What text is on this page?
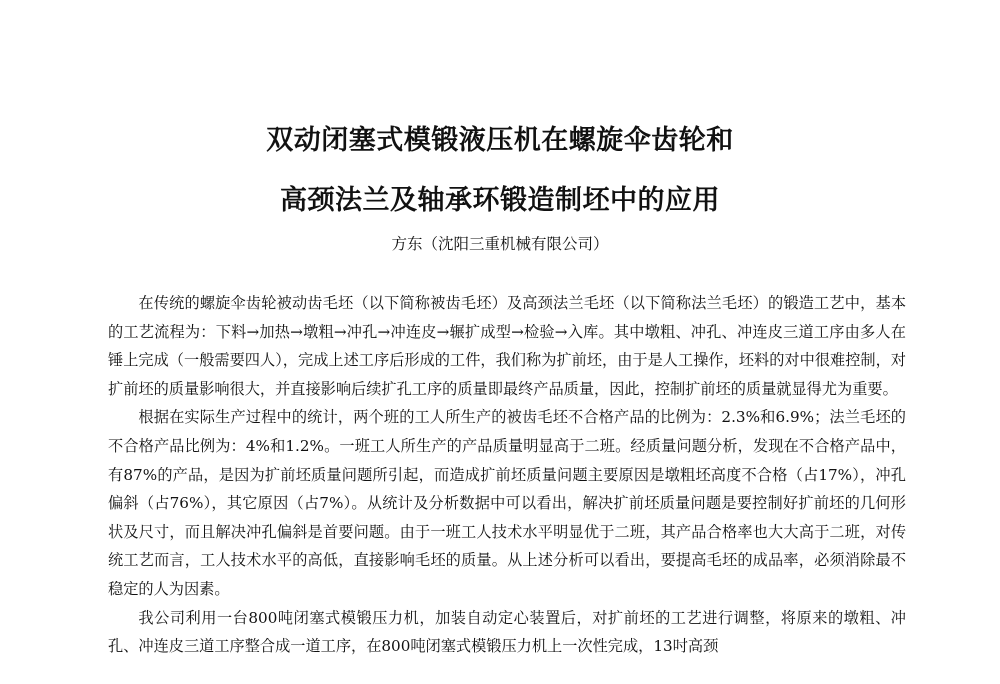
双动闭塞式模锻液压机在螺旋伞齿轮和
高颈法兰及轴承环锻造制坯中的应用
方东（沈阳三重机械有限公司）

在传统的螺旋伞齿轮被动齿毛坯（以下简称被齿毛坯）及高颈法兰毛坯（以下简称法兰毛坯）的锻造工艺中，基本的工艺流程为：下料→加热→墩粗→冲孔→冲连皮→辗扩成型→检验→入库。其中墩粗、冲孔、冲连皮三道工序由多人在锤上完成（一般需要四人），完成上述工序后形成的工件，我们称为扩前坯，由于是人工操作，坯料的对中很难控制，对扩前坯的质量影响很大，并直接影响后续扩孔工序的质量即最终产品质量，因此，控制扩前坯的质量就显得尤为重要。

根据在实际生产过程中的统计，两个班的工人所生产的被齿毛坯不合格产品的比例为：2.3%和6.9%；法兰毛坯的不合格产品比例为：4%和1.2%。一班工人所生产的产品质量明显高于二班。经质量问题分析，发现在不合格产品中，有87%的产品，是因为扩前坯质量问题所引起，而造成扩前坯质量问题主要原因是墩粗坯高度不合格（占17%），冲孔偏斜（占76%），其它原因（占7%）。从统计及分析数据中可以看出，解决扩前坯质量问题是要控制好扩前坯的几何形状及尺寸，而且解决冲孔偏斜是首要问题。由于一班工人技术水平明显优于二班，其产品合格率也大大高于二班，对传统工艺而言，工人技术水平的高低，直接影响毛坯的质量。从上述分析可以看出，要提高毛坯的成品率，必须消除最不稳定的人为因素。

我公司利用一台800吨闭塞式模锻压力机，加装自动定心装置后，对扩前坯的工艺进行调整，将原来的墩粗、冲孔、冲连皮三道工序整合成一道工序，在800吨闭塞式模锻压力机上一次性完成，13吋高颈
